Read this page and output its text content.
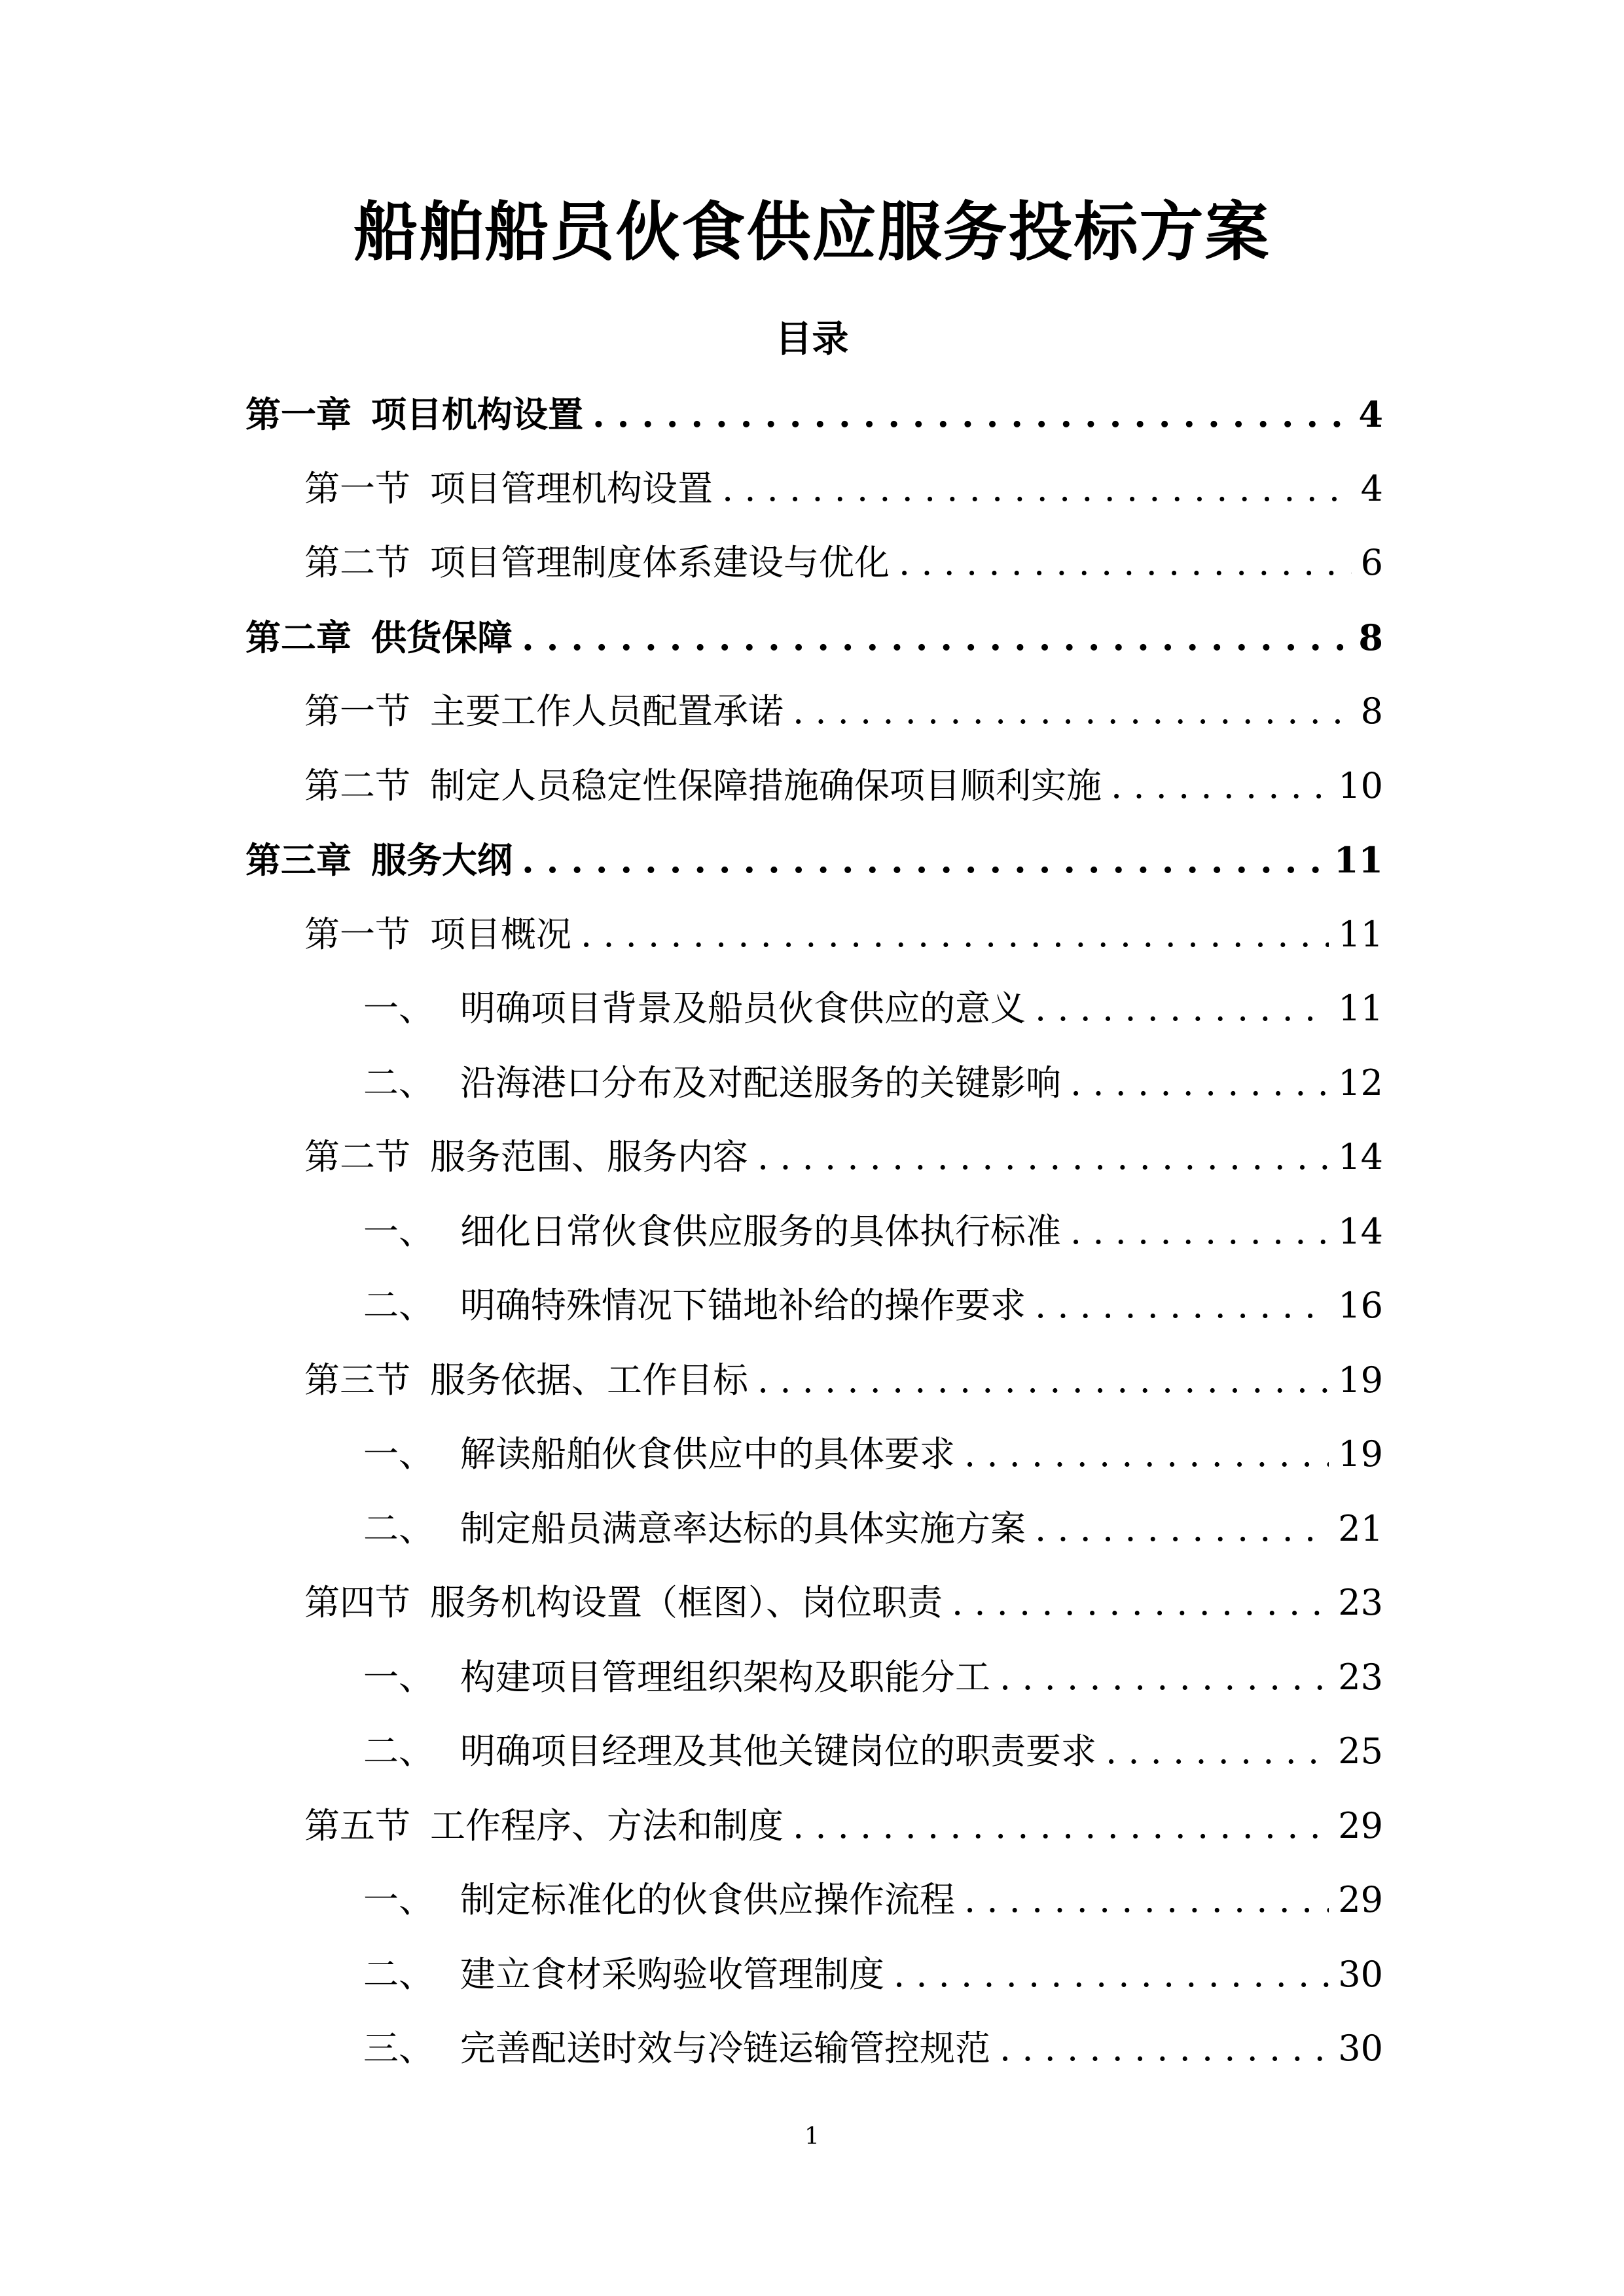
船舶船员伙食供应服务投标方案
目录
第一章 项目机构设置 . . .	4
第一节 项目管理机构设置 . . .	4
第二节 项目管理制度体系建设与优化 . . .	6
第二章 供货保障 . . .	8
第一节 主要工作人员配置承诺 . . .	8
第二节 制定人员稳定性保障措施确保项目顺利实施 . . .	10
第三章 服务大纲 . . .	11
第一节 项目概况 . . .	11
一、 明确项目背景及船员伙食供应的意义 . . .	11
二、 沿海港口分布及对配送服务的关键影响 . . .	12
第二节 服务范围、服务内容 . . .	14
一、 细化日常伙食供应服务的具体执行标准 . . .	14
二、 明确特殊情况下锚地补给的操作要求 . . .	16
第三节 服务依据、工作目标 . . .	19
一、 解读船舶伙食供应中的具体要求 . . .	19
二、 制定船员满意率达标的具体实施方案 . . .	21
第四节 服务机构设置（框图）、岗位职责 . . .	23
一、 构建项目管理组织架构及职能分工 . . .	23
二、 明确项目经理及其他关键岗位的职责要求 . . .	25
第五节 工作程序、方法和制度 . . .	29
一、 制定标准化的伙食供应操作流程 . . .	29
二、 建立食材采购验收管理制度 . . .	30
三、 完善配送时效与冷链运输管控规范 . . .	30
1
